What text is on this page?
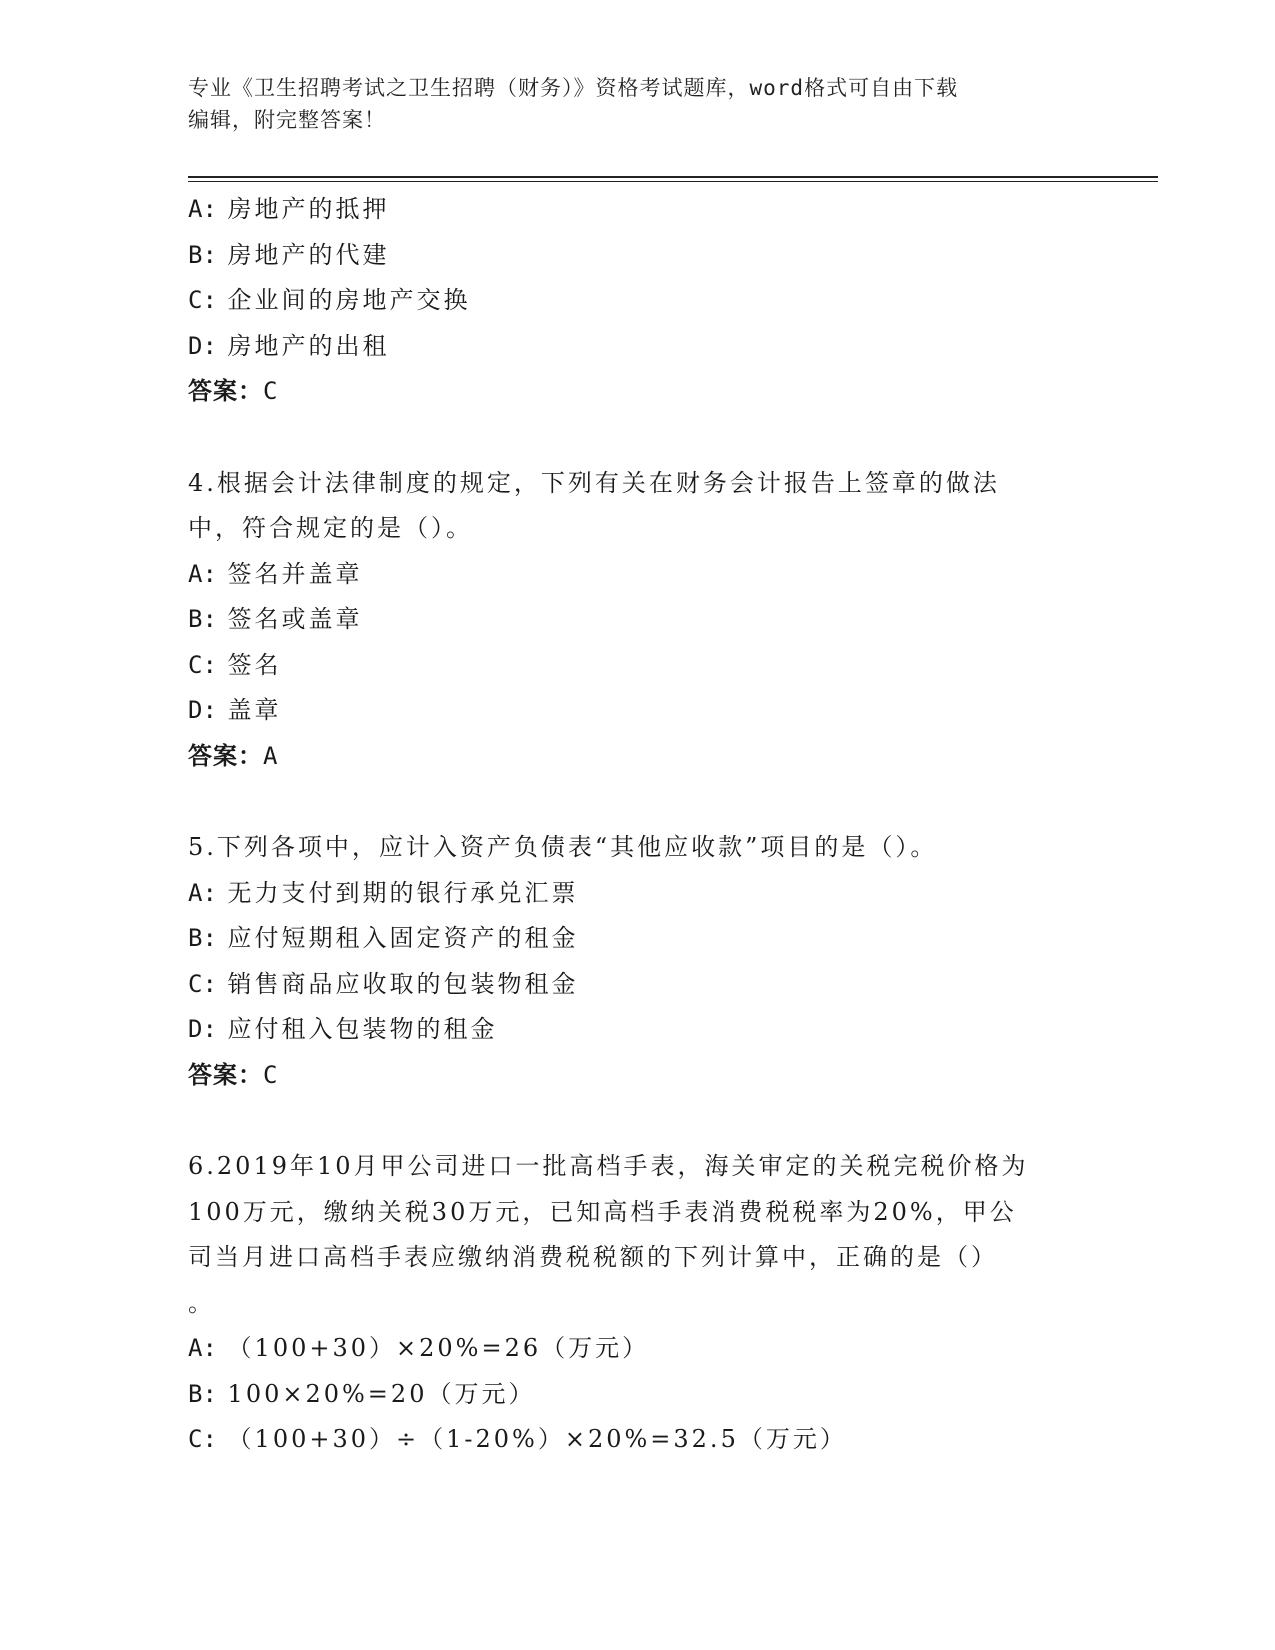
专业《卫生招聘考试之卫生招聘（财务）》资格考试题库，word格式可自由下载
编辑，附完整答案！
A: 房地产的抵押
B: 房地产的代建
C: 企业间的房地产交换
D: 房地产的出租
答案：C
4.根据会计法律制度的规定，下列有关在财务会计报告上签章的做法
中，符合规定的是（）。
A: 签名并盖章
B: 签名或盖章
C: 签名
D: 盖章
答案：A
5.下列各项中，应计入资产负债表“其他应收款”项目的是（）。
A: 无力支付到期的银行承兑汇票
B: 应付短期租入固定资产的租金
C: 销售商品应收取的包装物租金
D: 应付租入包装物的租金
答案：C
6.2019年10月甲公司进口一批高档手表，海关审定的关税完税价格为
100万元，缴纳关税30万元，已知高档手表消费税税率为20%，甲公
司当月进口高档手表应缴纳消费税税额的下列计算中，正确的是（）
。
A: （100+30）×20%=26（万元）
B: 100×20%=20（万元）
C: （100+30）÷（1-20%）×20%=32.5（万元）
